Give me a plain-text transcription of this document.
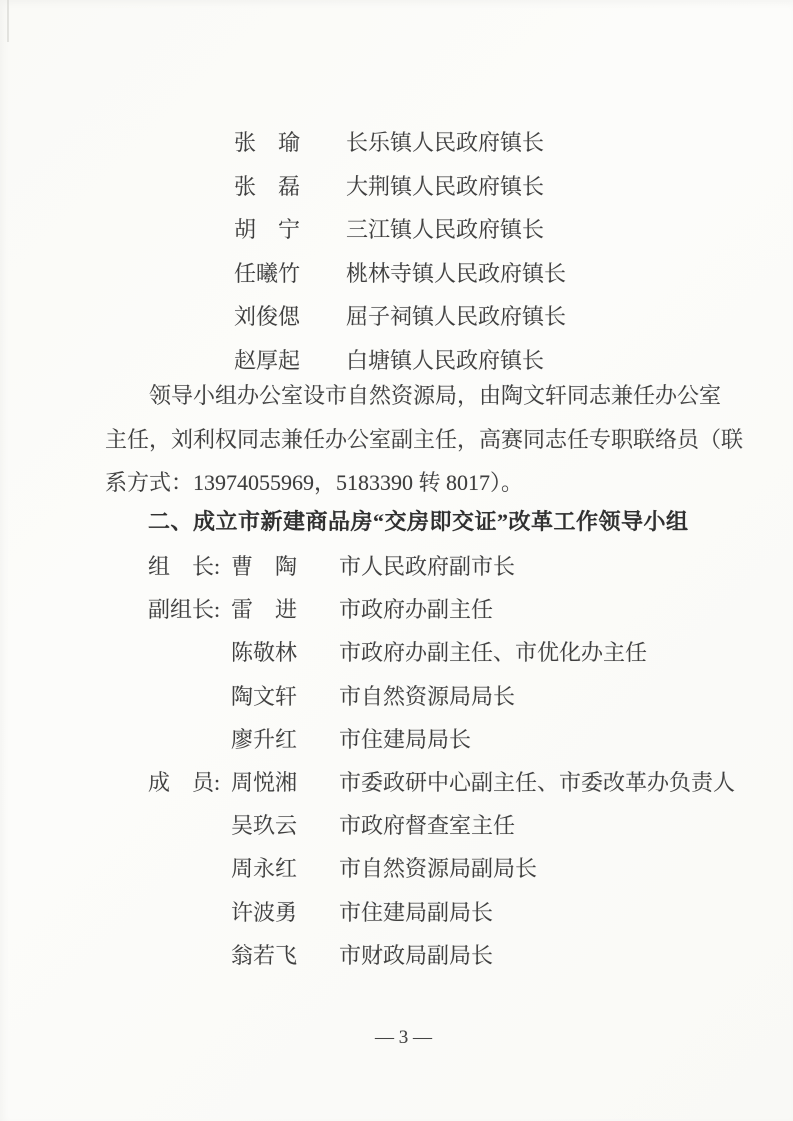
张　瑜	长乐镇人民政府镇长
张　磊	大荆镇人民政府镇长
胡　宁	三江镇人民政府镇长
任曦竹	桃林寺镇人民政府镇长
刘俊偲	屈子祠镇人民政府镇长
赵厚起	白塘镇人民政府镇长
领导小组办公室设市自然资源局，由陶文轩同志兼任办公室
主任，刘利权同志兼任办公室副主任，高赛同志任专职联络员（联
系方式：13974055969，5183390 转 8017）。
二、成立市新建商品房“交房即交证”改革工作领导小组
组　长: 曹　陶	市人民政府副市长
副组长: 雷　进	市政府办副主任
陈敬林	市政府办副主任、市优化办主任
陶文轩	市自然资源局局长
廖升红	市住建局局长
成　员: 周悦湘	市委政研中心副主任、市委改革办负责人
吴玖云	市政府督查室主任
周永红	市自然资源局副局长
许波勇	市住建局副局长
翁若飞	市财政局副局长
— 3 —
